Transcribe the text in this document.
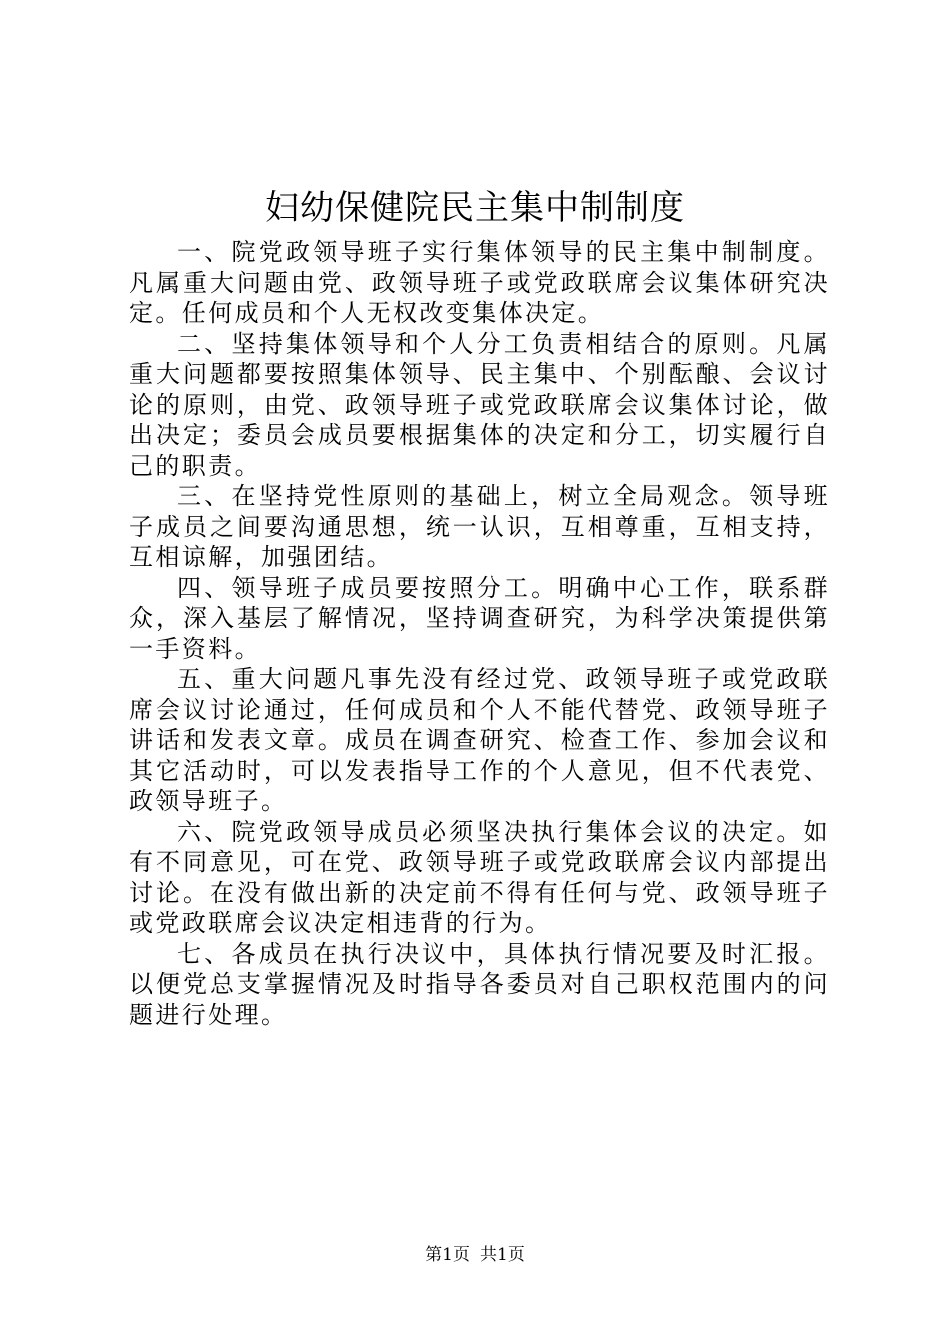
妇幼保健院民主集中制制度

一、院党政领导班子实行集体领导的民主集中制制度。凡属重大问题由党、政领导班子或党政联席会议集体研究决定。任何成员和个人无权改变集体决定。

二、坚持集体领导和个人分工负责相结合的原则。凡属重大问题都要按照集体领导、民主集中、个别酝酿、会议讨论的原则，由党、政领导班子或党政联席会议集体讨论，做出决定；委员会成员要根据集体的决定和分工，切实履行自己的职责。

三、在坚持党性原则的基础上，树立全局观念。领导班子成员之间要沟通思想，统一认识，互相尊重，互相支持，互相谅解，加强团结。

四、领导班子成员要按照分工。明确中心工作，联系群众，深入基层了解情况，坚持调查研究，为科学决策提供第一手资料。

五、重大问题凡事先没有经过党、政领导班子或党政联席会议讨论通过，任何成员和个人不能代替党、政领导班子讲话和发表文章。成员在调查研究、检查工作、参加会议和其它活动时，可以发表指导工作的个人意见，但不代表党、政领导班子。

六、院党政领导成员必须坚决执行集体会议的决定。如有不同意见，可在党、政领导班子或党政联席会议内部提出讨论。在没有做出新的决定前不得有任何与党、政领导班子或党政联席会议决定相违背的行为。

七、各成员在执行决议中，具体执行情况要及时汇报。以便党总支掌握情况及时指导各委员对自己职权范围内的问题进行处理。

第1页 共1页
